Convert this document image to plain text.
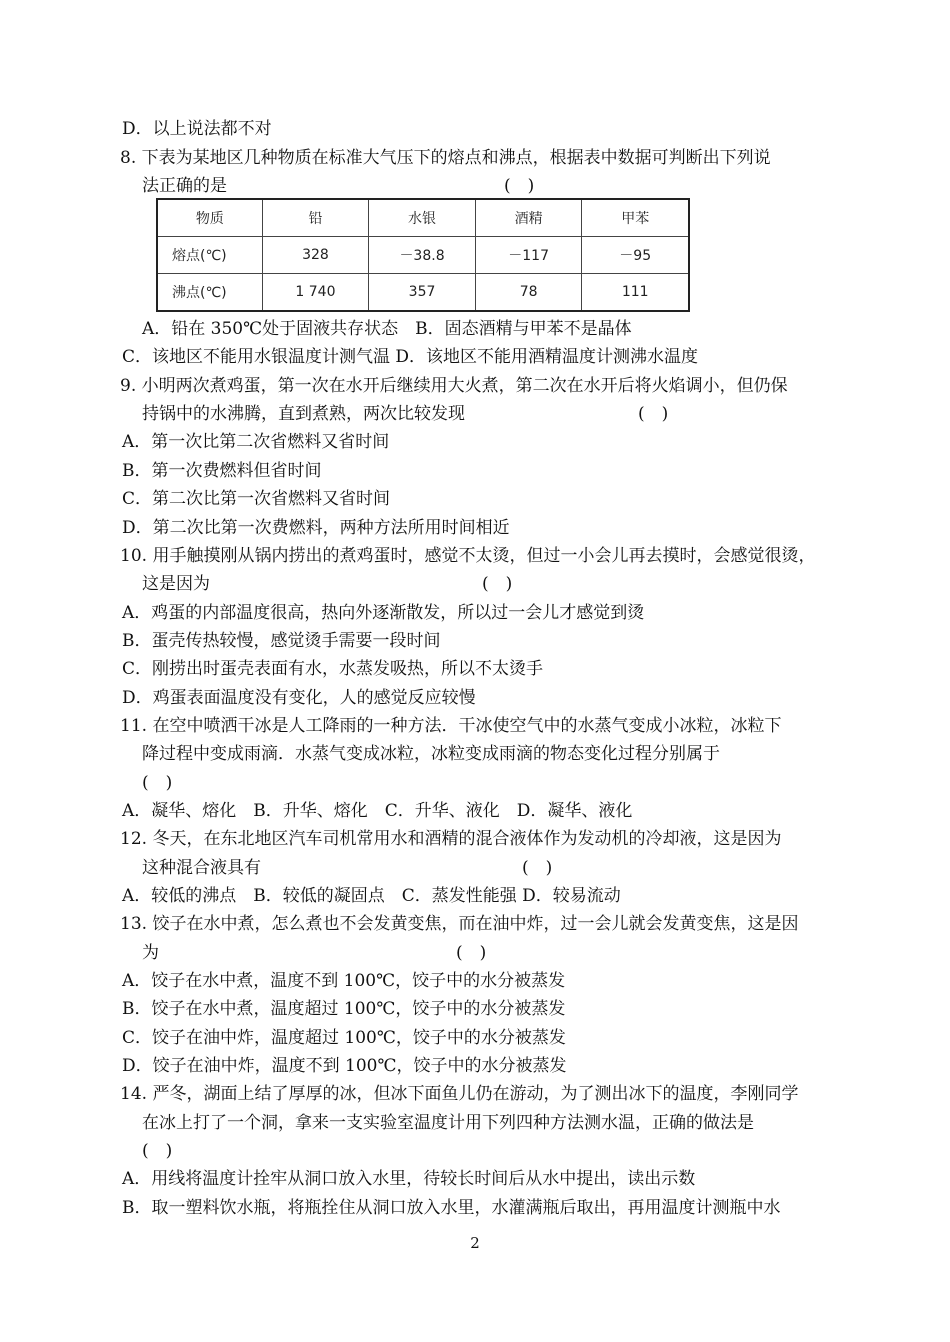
D．以上说法都不对
8. 下表为某地区几种物质在标准大气压下的熔点和沸点，根据表中数据可判断出下列说
法正确的是	(　)
物质	铅	水银	酒精	甲苯
熔点(℃)	328	－38.8	－117	－95
沸点(℃)	1 740	357	78	111
A．铅在 350℃处于固液共存状态　B．固态酒精与甲苯不是晶体
C．该地区不能用水银温度计测气温 D．该地区不能用酒精温度计测沸水温度
9. 小明两次煮鸡蛋，第一次在水开后继续用大火煮，第二次在水开后将火焰调小，但仍保
持锅中的水沸腾，直到煮熟，两次比较发现	(　)
A．第一次比第二次省燃料又省时间
B．第一次费燃料但省时间
C．第二次比第一次省燃料又省时间
D．第二次比第一次费燃料，两种方法所用时间相近
10. 用手触摸刚从锅内捞出的煮鸡蛋时，感觉不太烫，但过一小会儿再去摸时，会感觉很烫，
这是因为	(　)
A．鸡蛋的内部温度很高，热向外逐渐散发，所以过一会儿才感觉到烫
B．蛋壳传热较慢，感觉烫手需要一段时间
C．刚捞出时蛋壳表面有水，水蒸发吸热，所以不太烫手
D．鸡蛋表面温度没有变化，人的感觉反应较慢
11. 在空中喷洒干冰是人工降雨的一种方法．干冰使空气中的水蒸气变成小冰粒，冰粒下
降过程中变成雨滴．水蒸气变成冰粒，冰粒变成雨滴的物态变化过程分别属于
(　)
A．凝华、熔化　B．升华、熔化　C．升华、液化　D．凝华、液化
12. 冬天，在东北地区汽车司机常用水和酒精的混合液体作为发动机的冷却液，这是因为
这种混合液具有	(　)
A．较低的沸点　B．较低的凝固点　C．蒸发性能强 D．较易流动
13. 饺子在水中煮，怎么煮也不会发黄变焦，而在油中炸，过一会儿就会发黄变焦，这是因
为	(　)
A．饺子在水中煮，温度不到 100℃，饺子中的水分被蒸发
B．饺子在水中煮，温度超过 100℃，饺子中的水分被蒸发
C．饺子在油中炸，温度超过 100℃，饺子中的水分被蒸发
D．饺子在油中炸，温度不到 100℃，饺子中的水分被蒸发
14. 严冬，湖面上结了厚厚的冰，但冰下面鱼儿仍在游动，为了测出冰下的温度，李刚同学
在冰上打了一个洞，拿来一支实验室温度计用下列四种方法测水温，正确的做法是
(　)
A．用线将温度计拴牢从洞口放入水里，待较长时间后从水中提出，读出示数
B．取一塑料饮水瓶，将瓶拴住从洞口放入水里，水灌满瓶后取出，再用温度计测瓶中水
2
